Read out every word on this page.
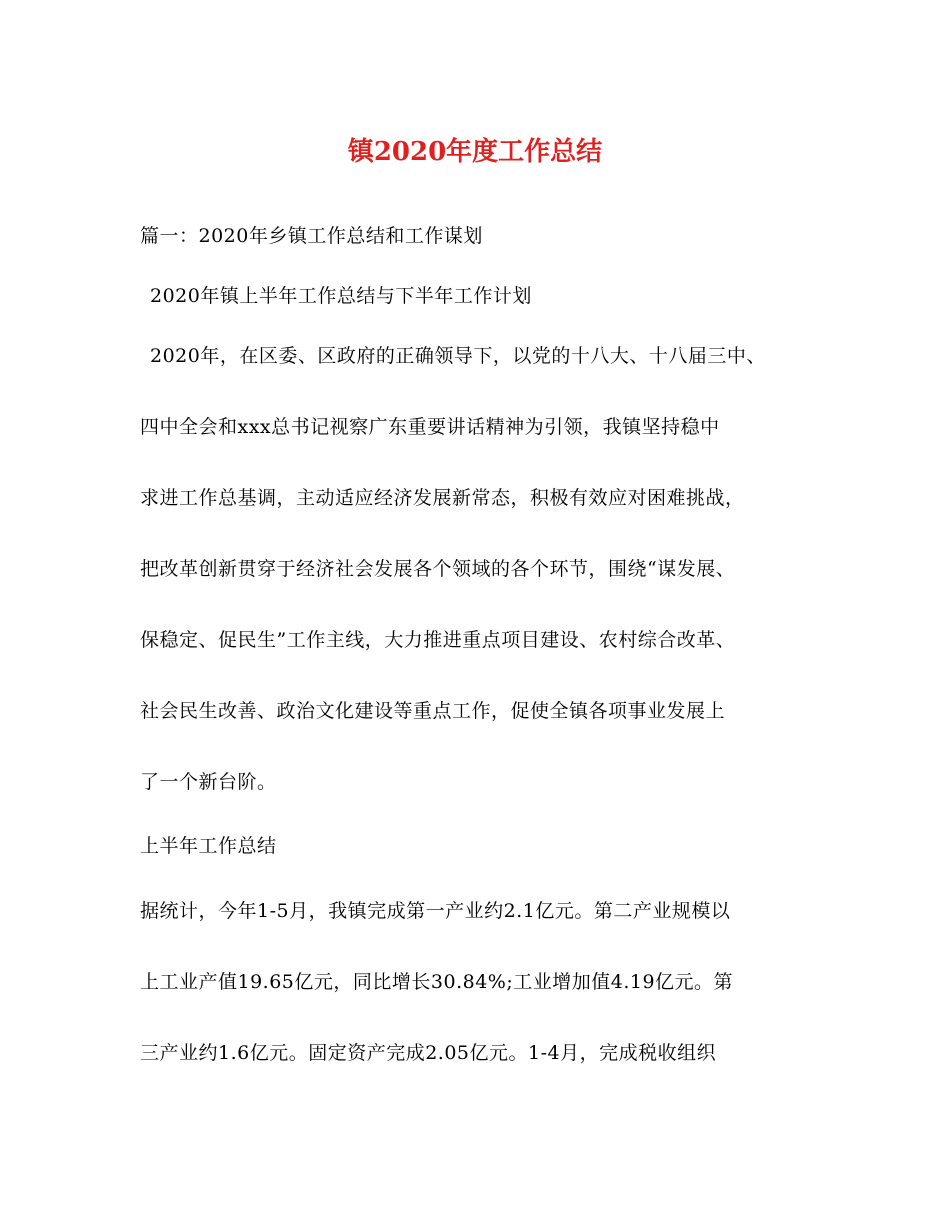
镇2020年度工作总结
篇一：2020年乡镇工作总结和工作谋划
2020年镇上半年工作总结与下半年工作计划
2020年，在区委、区政府的正确领导下，以党的十八大、十八届三中、
四中全会和xxx总书记视察广东重要讲话精神为引领，我镇坚持稳中
求进工作总基调，主动适应经济发展新常态，积极有效应对困难挑战，
把改革创新贯穿于经济社会发展各个领域的各个环节，围绕“谋发展、
保稳定、促民生”工作主线，大力推进重点项目建设、农村综合改革、
社会民生改善、政治文化建设等重点工作，促使全镇各项事业发展上
了一个新台阶。
上半年工作总结
据统计，今年1-5月，我镇完成第一产业约2.1亿元。第二产业规模以
上工业产值19.65亿元，同比增长30.84%;工业增加值4.19亿元。第
三产业约1.6亿元。固定资产完成2.05亿元。1-4月，完成税收组织
